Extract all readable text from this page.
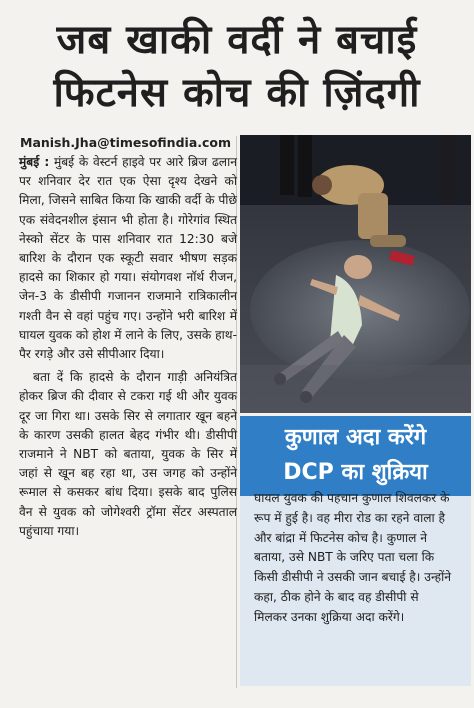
जब खाकी वर्दी ने बचाई
फिटनेस कोच की ज़िंदगी
Manish.Jha@timesofindia.com

मुंबई : मुंबई के वेस्टर्न हाइवे पर आरे ब्रिज ढलान पर शनिवार देर रात एक ऐसा दृश्य देखने को मिला, जिसने साबित किया कि खाकी वर्दी के पीछे एक संवेदनशील इंसान भी होता है। गोरेगांव स्थित नेस्को सेंटर के पास शनिवार रात 12:30 बजे बारिश के दौरान एक स्कूटी सवार भीषण सड़क हादसे का शिकार हो गया। संयोगवश नॉर्थ रीजन, जेन-3 के डीसीपी गजानन राजमाने रात्रिकालीन गश्ती वैन से वहां पहुंच गए। उन्होंने भरी बारिश में घायल युवक को होश में लाने के लिए, उसके हाथ-पैर रगड़े और उसे सीपीआर दिया।

बता दें कि हादसे के दौरान गाड़ी अनियंत्रित होकर ब्रिज की दीवार से टकरा गई थी और युवक दूर जा गिरा था। उसके सिर से लगातार खून बहने के कारण उसकी हालत बेहद गंभीर थी। डीसीपी राजमाने ने NBT को बताया, युवक के सिर में जहां से खून बह रहा था, उस जगह को उन्होंने रूमाल से कसकर बांध दिया। इसके बाद पुलिस वैन से युवक को जोगेश्वरी ट्रॉमा सेंटर अस्पताल पहुंचाया गया।

कुणाल अदा करेंगे
DCP का शुक्रिया

घायल युवक की पहचान कुणाल शिवलकर के रूप में हुई है। वह मीरा रोड का रहने वाला है और बांद्रा में फिटनेस कोच है। कुणाल ने बताया, उसे NBT के जरिए पता चला कि किसी डीसीपी ने उसकी जान बचाई है। उन्होंने कहा, ठीक होने के बाद वह डीसीपी से मिलकर उनका शुक्रिया अदा करेंगे।
